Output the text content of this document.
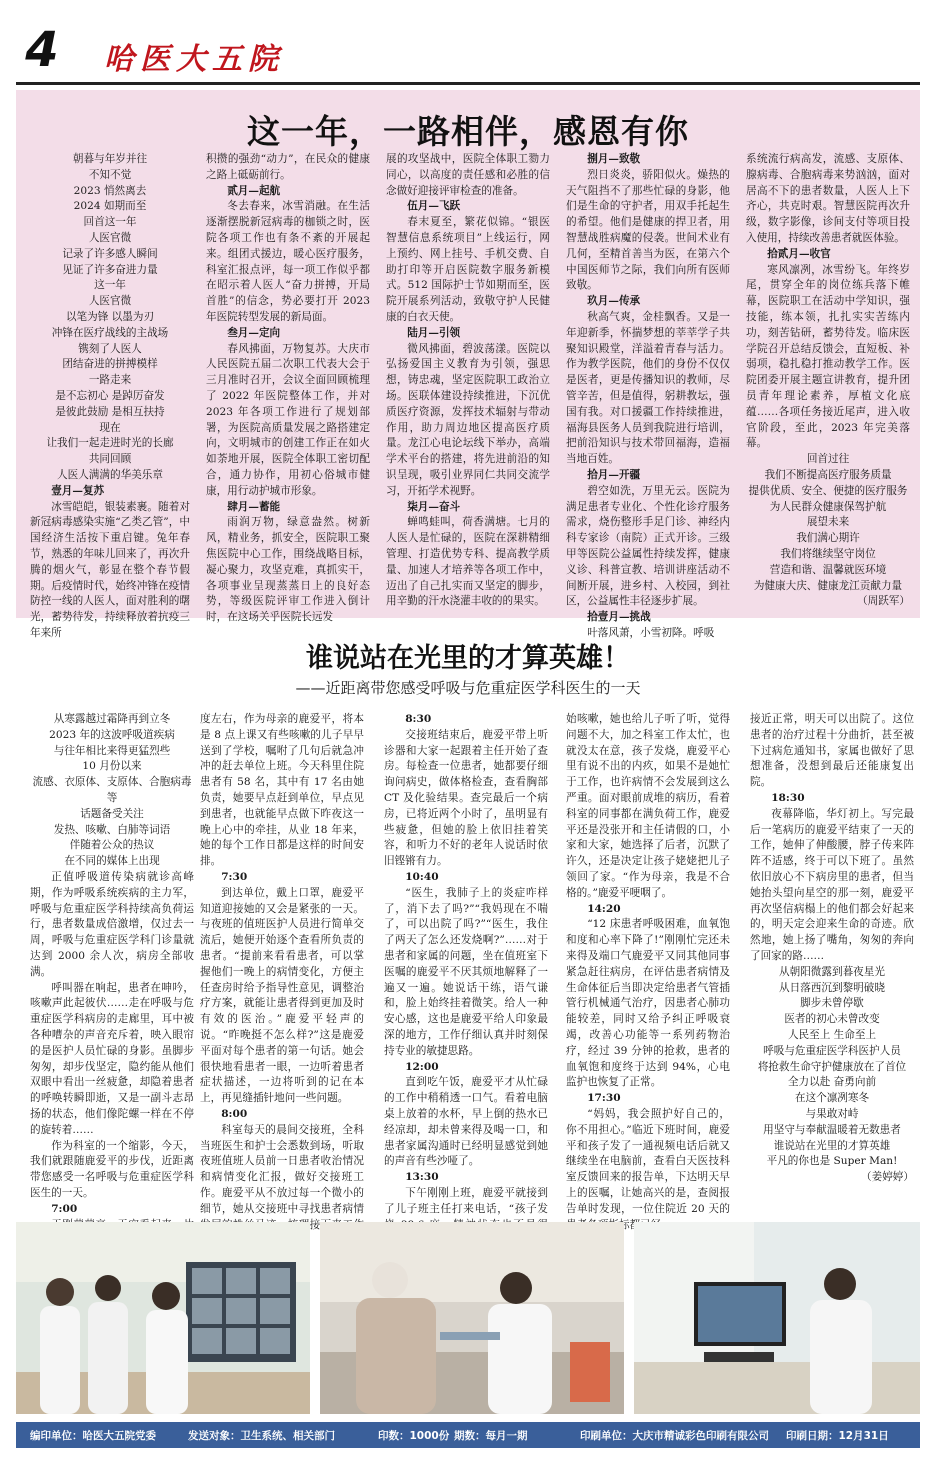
4	哈医大五院
这一年，一路相伴，感恩有你

朝暮与年岁并往

不知不觉

2023 悄然离去

2024 如期而至

回首这一年

人医官微

记录了许多感人瞬间

见证了许多奋进力量

这一年

人医官微

以笔为锋 以墨为刃

冲锋在医疗战线的主战场

镌刻了人医人

团结奋进的拼搏模样

一路走来

是不忘初心 是踔厉奋发

是彼此鼓励 是相互扶持

现在

让我们一起走进时光的长廊

共同回顾

人医人满满的华美乐章

壹月—复苏

冰雪皑皑，银装素裹。随着对新冠病毒感染实施“乙类乙管”，中国经济生活按下重启键。兔年春节，熟悉的年味儿回来了，再次升腾的烟火气，彰显在整个春节假期。后疫情时代，始终冲锋在疫情防控一线的人医人，面对胜利的曙光，蓄势待发，持续释放着抗疫三年来所

积攒的强劲“动力”，在民众的健康之路上砥砺前行。

贰月—起航

冬去春来，冰雪消融。在生活逐渐摆脱新冠病毒的枷锁之时，医院各项工作也有条不紊的开展起来。组团式援边，暖心医疗服务，科室汇报点评，每一项工作似乎都在昭示着人医人“奋力拼搏，开局首胜”的信念，势必要打开 2023 年医院转型发展的新局面。

叁月—定向

春风拂面，万物复苏。大庆市人民医院五届二次职工代表大会于三月准时召开，会议全面回顾梳理了 2022 年医院整体工作，并对 2023 年各项工作进行了规划部署，为医院高质量发展之路搭建定向，文明城市的创建工作正在如火如荼地开展，医院全体职工密切配合，通力协作，用初心俗城市健康，用行动护城市形象。

肆月—蓄能

雨润万物，绿意盎然。树新风，精业务，抓安全，医院职工聚焦医院中心工作，围绕战略目标，凝心聚力，攻坚克难，真抓实干，各项事业呈现蒸蒸日上的良好态势，等级医院评审工作进入倒计时，在这场关乎医院长远发

展的攻坚战中，医院全体职工勠力同心，以高度的责任感和必胜的信念做好迎接评审检查的准备。

伍月—飞跃

春末夏至，繁花似锦。“银医智慧信息系统项目”上线运行，网上预约、网上挂号、手机交费、自助打印等开启医院数字服务新模式。512 国际护士节如期而至，医院开展系列活动，致敬守护人民健康的白衣天使。

陆月—引领

微风拂面，碧波荡漾。医院以弘扬爱国主义教育为引领，强思想，铸忠魂，坚定医院职工政治立场。医联体建设持续推进，下沉优质医疗资源，发挥技术辐射与带动作用，助力周边地区提高医疗质量。龙江心电论坛线下举办，高端学术平台的搭建，将先进前沿的知识呈现，吸引业界同仁共同交流学习，开拓学术视野。

柒月—奋斗

蝉鸣蛙叫，荷香满塘。七月的人医人是忙碌的，医院在深耕精细管理、打造优势专科、提高教学质量、加速人才培养等各项工作中，迈出了自己扎实而又坚定的脚步，用辛勤的汗水浇灌丰收的的果实。

捌月—致敬

烈日炎炎，骄阳似火。燥热的天气阻挡不了那些忙碌的身影，他们是生命的守护者，用双手托起生的希望。他们是健康的捍卫者，用智慧战胜病魔的侵袭。世间术业有几何，至精首善当为医，在第六个中国医师节之际，我们向所有医师致敬。

玖月—传承

秋高气爽，金桂飘香。又是一年迎新季，怀揣梦想的莘莘学子共聚知识殿堂，洋溢着青春与活力。作为教学医院，他们的身份不仅仅是医者，更是传播知识的教师，尽管辛苦，但是值得，躬耕教坛，强国有我。对口援疆工作持续推进，福海县医务人员到我院进行培训，把前沿知识与技术带回福海，造福当地百姓。

拾月—开疆

碧空如洗，万里无云。医院为满足患者专业化、个性化诊疗服务需求，烧伤整形手足门诊、神经内科专家诊（南院）正式开诊。三级甲等医院公益属性持续发挥，健康义诊、科普宣教、培训讲座活动不间断开展，进乡村、入校园，到社区，公益属性丰径逐步扩展。

拾壹月—挑战

叶落风萧，小雪初降。呼吸

系统流行病高发，流感、支原体、腺病毒、合胞病毒来势汹汹，面对居高不下的患者数量，人医人上下齐心，共克时艰。智慧医院再次升级，数字影像，诊间支付等项目投入使用，持续改善患者就医体验。

拾贰月—收官

寒风凛冽，冰雪纷飞。年终岁尾，贯穿全年的岗位练兵落下帷幕，医院职工在活动中学知识，强技能，练本领，扎扎实实苦练内功，刻苦钻研，蓄势待发。临床医学院召开总结反馈会，直短板、补弱项，稳扎稳打推动教学工作。医院团委开展主题宣讲教育，提升团员青年理论素养，厚植文化底蕴……各项任务接近尾声，进入收官阶段，至此，2023 年完美落幕。

回首过往

我们不断提高医疗服务质量

提供优质、安全、便捷的医疗服务

为人民群众健康保驾护航

展望未来

我们满心期许

我们将继续坚守岗位

营造和谐、温馨就医环境

为健康大庆、健康龙江贡献力量

（周跃军）

谁说站在光里的才算英雄！
——近距离带您感受呼吸与危重症医学科医生的一天

从寒露越过霜降再到立冬

2023 年的这波呼吸道疾病

与往年相比来得更猛烈些

10 月份以来

流感、衣原体、支原体、合胞病毒等

话题备受关注

发热、咳嗽、白肺等词语

伴随着公众的热议

在不同的媒体上出现

正值呼吸道传染病就诊高峰期，作为呼吸系统疾病的主力军，呼吸与危重症医学科持续高负荷运行，患者数量成倍激增，仅过去一周，呼吸与危重症医学科门诊量就达到 2000 余人次，病房全部收满。

呼叫器在响起，患者在呻吟，咳嗽声此起彼伏……走在呼吸与危重症医学科病房的走廊里，耳中被各种嘈杂的声音充斥着，映入眼帘的是医护人员忙碌的身影。虽脚步匆匆，却步伐坚定，隐约能从他们双眼中看出一丝疲惫，却隐着患者的呼唤转瞬即逝，又是一副斗志昂扬的状态，他们像陀螺一样在不停的旋转着……

作为科室的一个缩影，今天，我们就跟随鹿爱平的步伐，近距离带您感受一名呼吸与危重症医学科医生的一天。

7:00

度左右，作为母亲的鹿爱平，将本是 8 点上课又有些咳嗽的儿子早早送到了学校，嘱咐了几句后就急冲冲的赶去单位上班。今天科里住院患者有 58 名，其中有 17 名由她负责，她要早点赶到单位，早点见到患者，也就能早点做下昨夜这一晚上心中的牵挂，从业 18 年来，她的每个工作日都是这样的时间安排。

7:30

到达单位，戴上口罩，鹿爱平知道迎接她的又会是紧张的一天。与夜班的值班医护人员进行简单交流后，她便开始逐个查看所负责的患者。“提前来看看患者，可以掌握他们一晚上的病情变化，方便主任查房时给予指导性意见，调整治疗方案，就能让患者得到更加及时有效的医治。”鹿爱平轻声的说。“昨晚挺不怎么样?”这是鹿爱平面对每个患者的第一句话。她会很快地看患者一眼，一边听着患者症状描述，一边将听到的记在本上，再见缝插针地问一些问题。

8:00

科室每天的晨间交接班，全科当班医生和护士会悉数到场，听取夜班值班人员前一日患者收治情况和病情变化汇报，做好交接班工作。鹿爱平从不放过每一个微小的细节，她从交接班中寻找患者病情 接

8:30

交接班结束后，鹿爱平带上听诊器和大家一起跟着主任开始了查房。每检查一位患者，她都要仔细询问病史，做体格检查，查看胸部 CT 及化验结果。查完最后一个病房，已将近两个小时了，虽明显有些疲惫，但她的脸上依旧挂着笑容，和听力不好的老年人说话时依旧铿锵有力。

10:40

“医生，我肺子上的炎症咋样了，消下去了吗?”“我妈现在不喘了，可以出院了吗?”“医生，我住了两天了怎么还发烧啊?”……对于患者和家属的问题，坐在值班室下医嘱的鹿爱平不厌其烦地解释了一遍又一遍。她说话干练，语气谦和，脸上始终挂着微笑。给人一种安心感，这也是鹿爱平给人印象最深的地方，工作仔细认真并时刻保持专业的敏捷思路。

12:00

直到吃午饭，鹿爱平才从忙碌的工作中稍稍透一口气。看着电脑桌上放着的水杯，早上倒的热水已经凉却，却未曾来得及喝一口，和患者家属沟通时已经明显感觉到她的声音有些沙哑了。

13:30

下午刚刚上班，鹿爱平就接到了儿子班主任打来电话，“孩子发

始咳嗽，她也给儿子听了听，觉得问题不大，加之科室工作太忙，也就没太在意，孩子发烧，鹿爱平心里有说不出的内疚，如果不是她忙于工作，也许病情不会发展到这么严重。面对眼前成堆的病历，看着科室的同事都在满负荷工作，鹿爱平还是没张开和主任请假的口，小家和大家，她选择了后者，沉默了许久，还是决定让孩子姥姥把儿子领回了家。“作为母亲，我是不合格的。”鹿爱平哽咽了。

14:20

“12 床患者呼吸困难，血氧饱和度和心率下降了!”刚刚忙完还未来得及端口气鹿爱平又同其他同事紧急赶往病房，在评估患者病情及生命体征后当即决定给患者气管插管行机械通气治疗，因患者心肺功能较差，同时又给予纠正呼吸衰竭，改善心功能等一系列药物治疗，经过 39 分钟的抢救，患者的血氧饱和度终于达到 94%，心电监护也恢复了正常。

17:30

“妈妈，我会照护好自己的，你不用担心。”临近下班时间，鹿爱平和孩子发了一通视频电话后就又继续坐在电脑前，查看白天医技科室反馈回来的报告单，下达明天早上的医嘱，让她高兴的是，查阅报告单时发现，一位住院近 20 天的 项指标都已经

接近正常，明天可以出院了。这位患者的治疗过程十分曲折，甚至被下过病危通知书，家属也做好了思想准备，没想到最后还能康复出院。

18:30

夜幕降临，华灯初上。写完最后一笔病历的鹿爱平结束了一天的工作，她伸了伸酸腰，脖子传来阵阵不适感，终于可以下班了。虽然依旧放心不下病房里的患者，但当她抬头望向星空的那一刻，鹿爱平再次坚信病榻上的他们都会好起来的，明天定会迎来生命的奇迹。欣然地，她上扬了嘴角，匆匆的奔向了回家的路……

从朝阳微露到暮夜星光

从日落西沉到黎明破晓

脚步未曾停歇

医者的初心未曾改变

人民至上 生命至上

呼吸与危重症医学科医护人员

将抢救生命守护健康放在了首位

全力以赴 奋勇向前

在这个凛冽寒冬

与果敢对峙

用坚守与奉献温暖着无数患者

谁说站在光里的才算英雄

平凡的你也是 Super Man!

（姜婷婷）

编印单位：哈医大五院党委	发送对象：卫生系统、相关部门	印数：1000份 期数：每月一期	印刷单位：大庆市精诚彩色印刷有限公司 印刷日期：12月31日
